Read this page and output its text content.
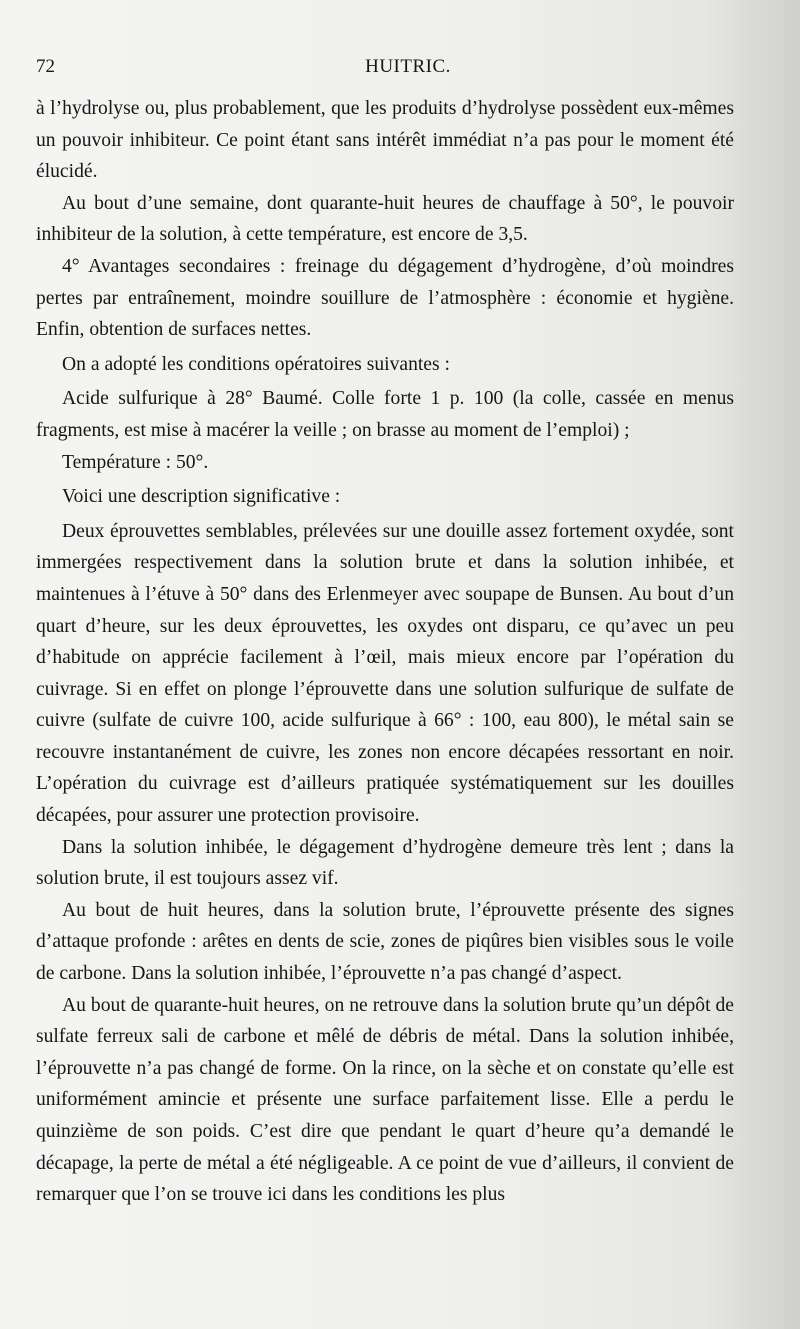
72	HUITRIC.

à l’hydrolyse ou, plus probablement, que les produits d’hydrolyse possèdent eux-mêmes un pouvoir inhibiteur. Ce point étant sans intérêt immédiat n’a pas pour le moment été élucidé.

Au bout d’une semaine, dont quarante-huit heures de chauffage à 50°, le pouvoir inhibiteur de la solution, à cette température, est encore de 3,5.

4° Avantages secondaires : freinage du dégagement d’hydrogène, d’où moindres pertes par entraînement, moindre souillure de l’atmosphère : économie et hygiène. Enfin, obtention de surfaces nettes.

On a adopté les conditions opératoires suivantes :

Acide sulfurique à 28° Baumé. Colle forte 1 p. 100 (la colle, cassée en menus fragments, est mise à macérer la veille ; on brasse au moment de l’emploi) ;

Température : 50°.

Voici une description significative :

Deux éprouvettes semblables, prélevées sur une douille assez fortement oxydée, sont immergées respectivement dans la solution brute et dans la solution inhibée, et maintenues à l’étuve à 50° dans des Erlenmeyer avec soupape de Bunsen. Au bout d’un quart d’heure, sur les deux éprouvettes, les oxydes ont disparu, ce qu’avec un peu d’habitude on apprécie facilement à l’œil, mais mieux encore par l’opération du cuivrage. Si en effet on plonge l’éprouvette dans une solution sulfurique de sulfate de cuivre (sulfate de cuivre 100, acide sulfurique à 66° : 100, eau 800), le métal sain se recouvre instantanément de cuivre, les zones non encore décapées ressortant en noir. L’opération du cuivrage est d’ailleurs pratiquée systématiquement sur les douilles décapées, pour assurer une protection provisoire.

Dans la solution inhibée, le dégagement d’hydrogène demeure très lent ; dans la solution brute, il est toujours assez vif.

Au bout de huit heures, dans la solution brute, l’éprouvette présente des signes d’attaque profonde : arêtes en dents de scie, zones de piqûres bien visibles sous le voile de carbone. Dans la solution inhibée, l’éprouvette n’a pas changé d’aspect.

Au bout de quarante-huit heures, on ne retrouve dans la solution brute qu’un dépôt de sulfate ferreux sali de carbone et mêlé de débris de métal. Dans la solution inhibée, l’éprouvette n’a pas changé de forme. On la rince, on la sèche et on constate qu’elle est uniformément amincie et présente une surface parfaitement lisse. Elle a perdu le quinzième de son poids. C’est dire que pendant le quart d’heure qu’a demandé le décapage, la perte de métal a été négligeable. A ce point de vue d’ailleurs, il convient de remarquer que l’on se trouve ici dans les conditions les plus
